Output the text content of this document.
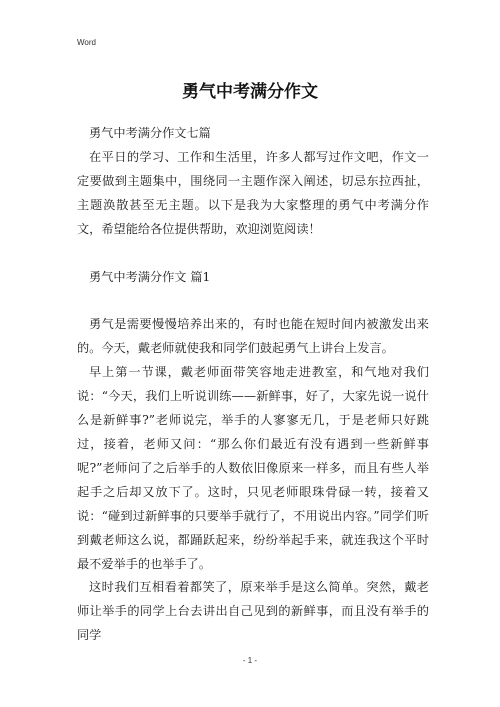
Word
勇气中考满分作文

勇气中考满分作文七篇

在平日的学习、工作和生活里，许多人都写过作文吧，作文一定要做到主题集中，围绕同一主题作深入阐述，切忌东拉西扯，主题涣散甚至无主题。以下是我为大家整理的勇气中考满分作文，希望能给各位提供帮助，欢迎浏览阅读！

勇气中考满分作文 篇1

勇气是需要慢慢培养出来的，有时也能在短时间内被激发出来的。今天，戴老师就使我和同学们鼓起勇气上讲台上发言。

早上第一节课，戴老师面带笑容地走进教室，和气地对我们说：“今天，我们上听说训练——新鲜事，好了，大家先说一说什么是新鲜事?”老师说完，举手的人寥寥无几，于是老师只好跳过，接着，老师又问：“那么你们最近有没有遇到一些新鲜事呢?”老师问了之后举手的人数依旧像原来一样多，而且有些人举起手之后却又放下了。这时，只见老师眼珠骨碌一转，接着又说：“碰到过新鲜事的只要举手就行了，不用说出内容。”同学们听到戴老师这么说，都踊跃起来，纷纷举起手来，就连我这个平时最不爱举手的也举手了。

这时我们互相看着都笑了，原来举手是这么简单。突然，戴老师让举手的同学上台去讲出自己见到的新鲜事，而且没有举手的同学

- 1 -
